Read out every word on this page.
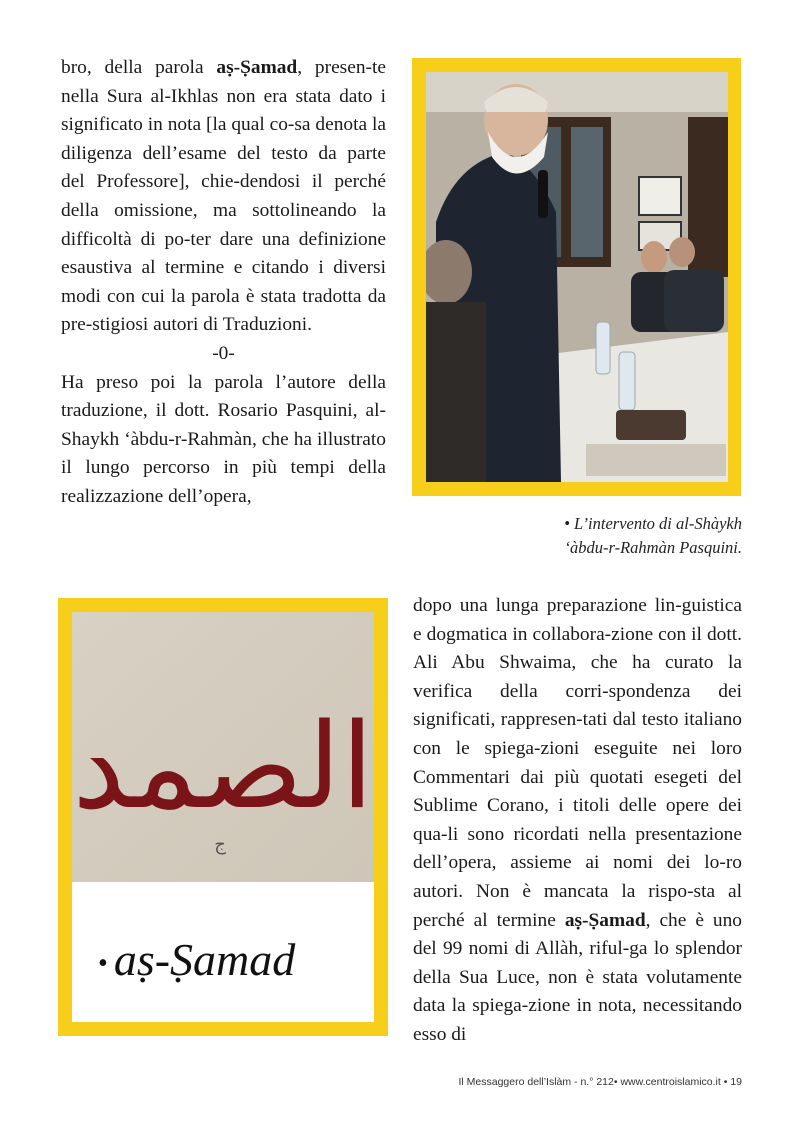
bro, della parola aṣ-Ṣamad, presen-te nella Sura al-Ikhlas non era stata dato i significato in nota [la qual co-sa denota la diligenza dell’esame del testo da parte del Professore], chie-dendosi il perché della omissione, ma sottolineando la difficoltà di po-ter dare una definizione esaustiva al termine e citando i diversi modi con cui la parola è stata tradotta da pre-stigiosi autori di Traduzioni.

-0-

Ha preso poi la parola l’autore della traduzione, il dott. Rosario Pasquini, al-Shaykh ‘àbdu-r-Rahmàn, che ha illustrato il lungo percorso in più tempi della realizzazione dell’opera,

• L’intervento di al-Shàykh
‘àbdu-r-Rahmàn Pasquini.
الصمد
ج
• aṣ-Ṣamad

dopo una lunga preparazione lin-guistica e dogmatica in collabora-zione con il dott. Ali Abu Shwaima, che ha curato la verifica della corri-spondenza dei significati, rappresen-tati dal testo italiano con le spiega-zioni eseguite nei loro Commentari dai più quotati esegeti del Sublime Corano, i titoli delle opere dei qua-li sono ricordati nella presentazione dell’opera, assieme ai nomi dei lo-ro autori. Non è mancata la rispo-sta al perché al termine aṣ-Ṣamad, che è uno del 99 nomi di Allàh, riful-ga lo splendor della Sua Luce, non è stata volutamente data la spiega-zione in nota, necessitando esso di

Il Messaggero dell’Islàm - n.° 212• www.centroislamico.it • 19
